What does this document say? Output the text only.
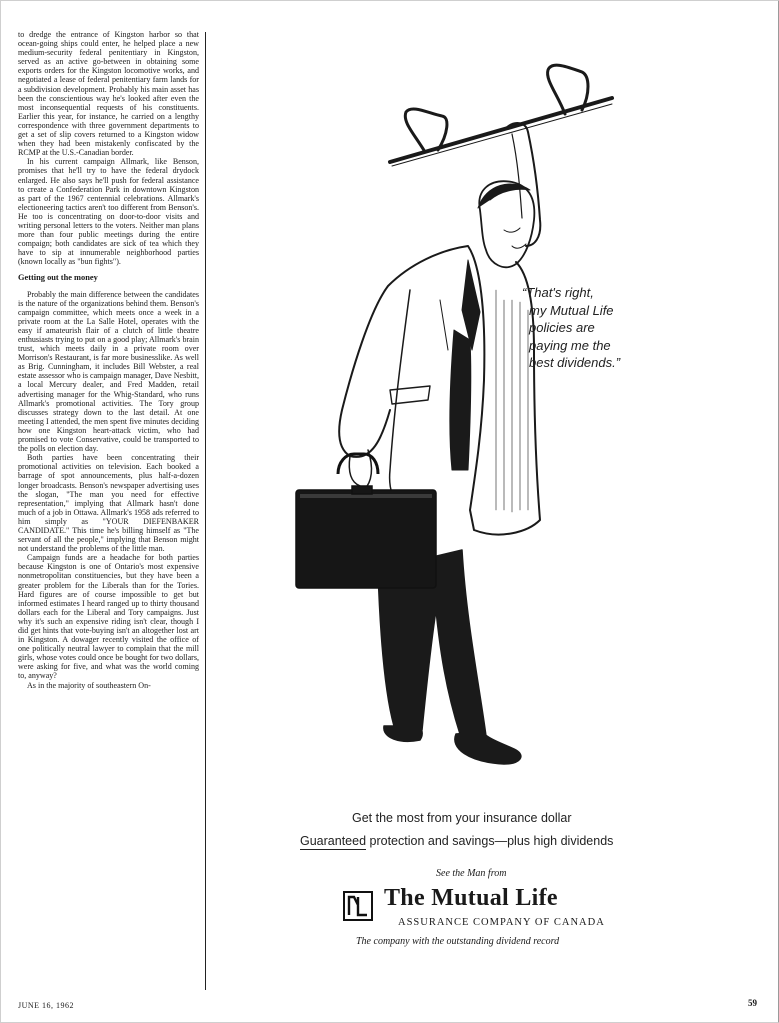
to dredge the entrance of Kingston harbor so that ocean-going ships could enter, he helped place a new medium-security federal penitentiary in Kingston, served as an active go-between in obtaining some exports orders for the Kingston locomotive works, and negotiated a lease of federal penitentiary farm lands for a subdivision development. Probably his main asset has been the conscientious way he's looked after even the most inconsequential requests of his constituents. Earlier this year, for instance, he carried on a lengthy correspondence with three government departments to get a set of slip covers returned to a Kingston widow when they had been mistakenly confiscated by the RCMP at the U.S.-Canadian border.

In his current campaign Allmark, like Benson, promises that he'll try to have the federal drydock enlarged. He also says he'll push for federal assistance to create a Confederation Park in downtown Kingston as part of the 1967 centennial celebrations. Allmark's electioneering tactics aren't too different from Benson's. He too is concentrating on door-to-door visits and writing personal letters to the voters. Neither man plans more than four public meetings during the entire compaign; both candidates are sick of tea which they have to sip at innumerable neighborhood parties (known locally as "bun fights").

Getting out the money

Probably the main difference between the candidates is the nature of the organizations behind them. Benson's campaign committee, which meets once a week in a private room at the La Salle Hotel, operates with the easy if amateurish flair of a clutch of little theatre enthusiasts trying to put on a good play; Allmark's brain trust, which meets daily in a private room over Morrison's Restaurant, is far more businesslike. As well as Brig. Cunningham, it includes Bill Webster, a real estate assessor who is campaign manager, Dave Nesbitt, a local Mercury dealer, and Fred Madden, retail advertising manager for the Whig-Standard, who runs Allmark's promotional activities. The Tory group discusses strategy down to the last detail. At one meeting I attended, the men spent five minutes deciding how one Kingston heart-attack victim, who had promised to vote Conservative, could be transported to the polls on election day.

Both parties have been concentrating their promotional activities on television. Each booked a barrage of spot announcements, plus half-a-dozen longer broadcasts. Benson's newspaper advertising uses the slogan, "The man you need for effective representation," implying that Allmark hasn't done much of a job in Ottawa. Allmark's 1958 ads referred to him simply as "YOUR DIEFENBAKER CANDIDATE." This time he's billing himself as "The servant of all the people," implying that Benson might not understand the problems of the little man.

Campaign funds are a headache for both parties because Kingston is one of Ontario's most expensive nonmetropolitan constituencies, but they have been a greater problem for the Liberals than for the Tories. Hard figures are of course impossible to get but informed estimates I heard ranged up to thirty thousand dollars each for the Liberal and Tory campaigns. Just why it's such an expensive riding isn't clear, though I did get hints that vote-buying isn't an altogether lost art in Kingston. A dowager recently visited the office of one politically neutral lawyer to complain that the mill girls, whose votes could once be bought for two dollars, were asking for five, and what was the world coming to, anyway?

As in the majority of southeastern On-

JUNE 16, 1962	59
“That's right,
my Mutual Life
policies are
paying me the
best dividends.”
Get the most from your insurance dollar
Guaranteed protection and savings—plus high dividends
See the Man from
The Mutual Life
ASSURANCE COMPANY OF CANADA
The company with the outstanding dividend record
